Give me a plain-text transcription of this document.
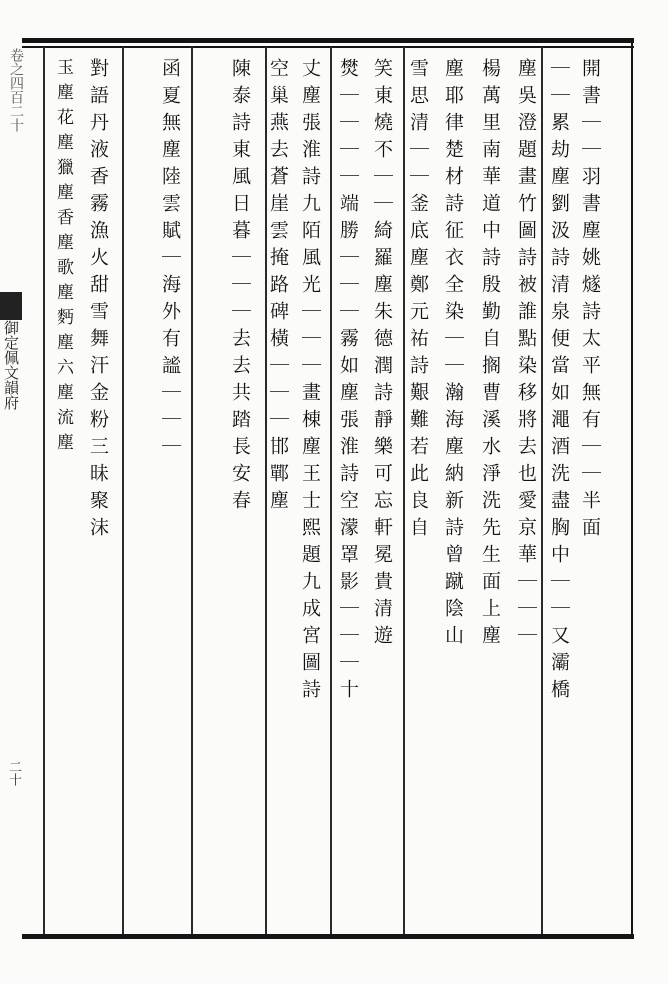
卷之四百二十
御定佩文韻府
二十
開書｜｜羽書塵姚燧詩太平無有｜｜半面
｜｜累劫塵劉汲詩清泉便當如澠酒洗盡胸中｜｜又灞橋
塵吳澄題畫竹圖詩被誰點染移將去也愛京華｜｜｜
楊萬里南華道中詩殷勤自搁曹溪水淨洗先生面上塵
塵耶律楚材詩征衣全染｜｜瀚海塵納新詩曾蹴陰山
雪思清｜｜釜底塵鄭元祐詩艱難若此良自
笑東燒不｜｜綺羅塵朱德潤詩靜樂可忘軒冕貴清遊
燓｜｜｜｜端勝｜｜｜霧如塵張淮詩空濛罩影｜｜｜十
丈塵張淮詩九陌風光｜｜｜畫棟塵王士熙題九成宮圖詩
空巢燕去蒼崖雲掩路碑橫｜｜｜邯鄲塵
陳泰詩東風日暮｜｜｜去去共踏長安春
函夏無塵陸雲賦｜海外有謐｜｜｜
對語丹液香霧漁火甜雪舞汗金粉三昧聚沫
玉塵花塵獵塵香塵歌塵麪塵六塵流塵
